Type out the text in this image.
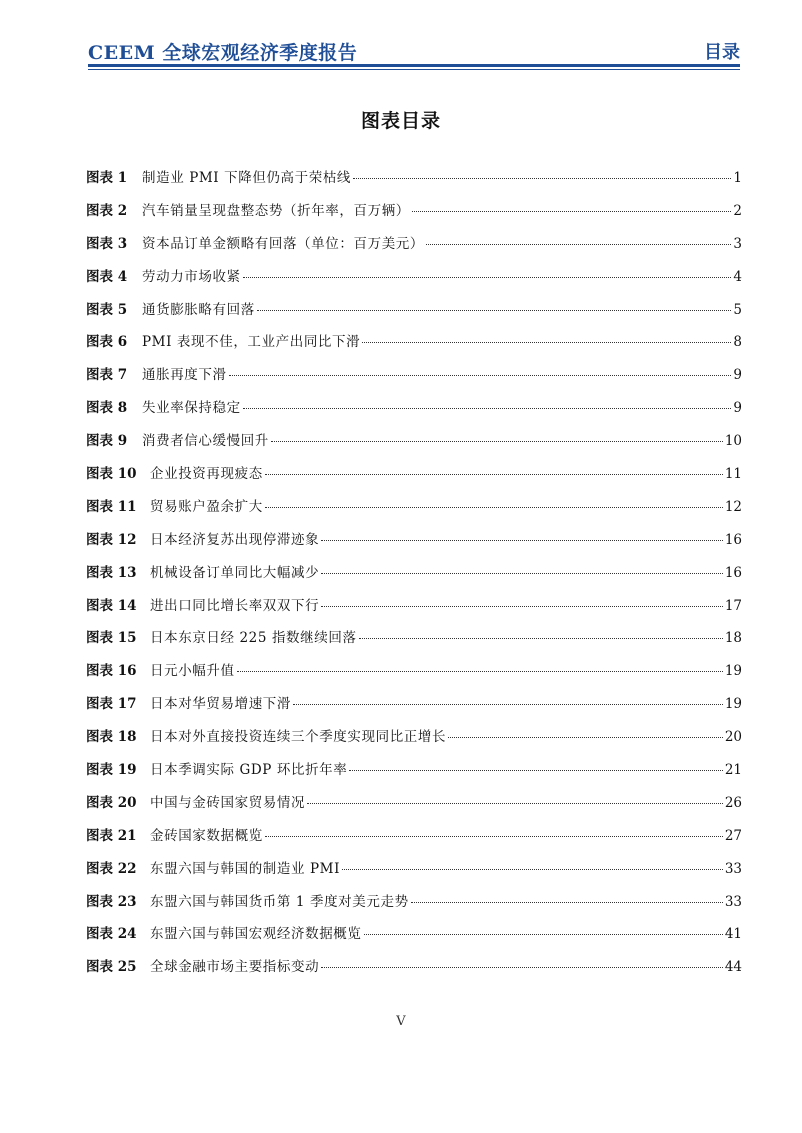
CEEM 全球宏观经济季度报告	目录
图表目录
图表 1	制造业 PMI 下降但仍高于荣枯线	1
图表 2	汽车销量呈现盘整态势（折年率，百万辆）	2
图表 3	资本品订单金额略有回落（单位：百万美元）	3
图表 4	劳动力市场收紧	4
图表 5	通货膨胀略有回落	5
图表 6	PMI 表现不佳，工业产出同比下滑	8
图表 7	通胀再度下滑	9
图表 8	失业率保持稳定	9
图表 9	消费者信心缓慢回升	10
图表 10	企业投资再现疲态	11
图表 11	贸易账户盈余扩大	12
图表 12	日本经济复苏出现停滞迹象	16
图表 13	机械设备订单同比大幅减少	16
图表 14	进出口同比增长率双双下行	17
图表 15	日本东京日经 225 指数继续回落	18
图表 16	日元小幅升值	19
图表 17	日本对华贸易增速下滑	19
图表 18	日本对外直接投资连续三个季度实现同比正增长	20
图表 19	日本季调实际 GDP 环比折年率	21
图表 20	中国与金砖国家贸易情况	26
图表 21	金砖国家数据概览	27
图表 22	东盟六国与韩国的制造业 PMI	33
图表 23	东盟六国与韩国货币第 1 季度对美元走势	33
图表 24	东盟六国与韩国宏观经济数据概览	41
图表 25	全球金融市场主要指标变动	44
V
